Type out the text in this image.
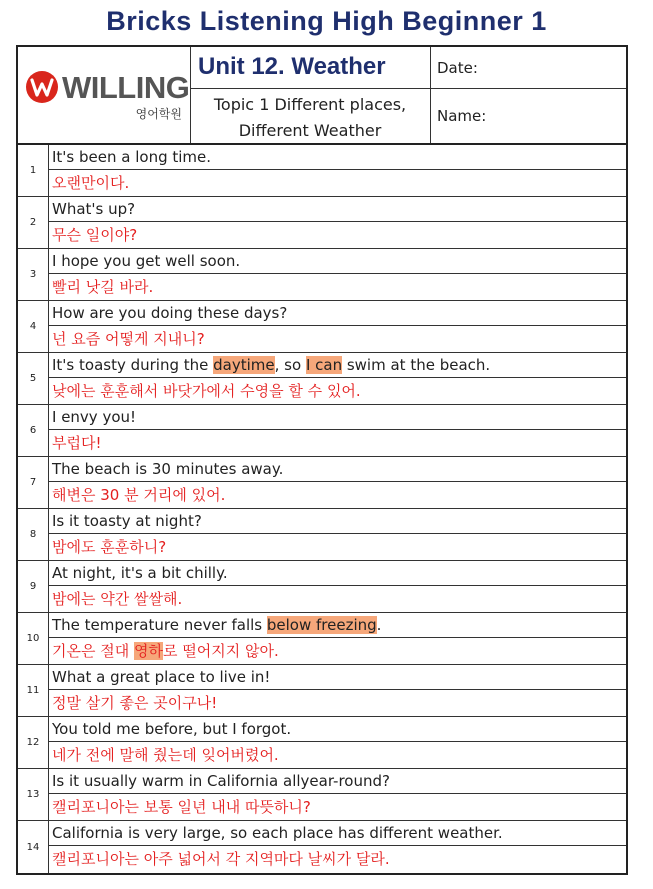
Bricks Listening High Beginner 1
WILLING
영어학원
Unit 12. Weather
Topic 1 Different places,
Different Weather
Date:
Name:
1
It's been a long time.
오랜만이다.
2
What's up?
무슨 일이야?
3
I hope you get well soon.
빨리 낫길 바라.
4
How are you doing these days?
넌 요즘 어떻게 지내니?
5
It's toasty during the daytime, so I can swim at the beach.
낮에는 훈훈해서 바닷가에서 수영을 할 수 있어.
6
I envy you!
부럽다!
7
The beach is 30 minutes away.
해변은 30 분 거리에 있어.
8
Is it toasty at night?
밤에도 훈훈하니?
9
At night, it's a bit chilly.
밤에는 약간 쌀쌀해.
10
The temperature never falls below freezing.
기온은 절대 영하로 떨어지지 않아.
11
What a great place to live in!
정말 살기 좋은 곳이구나!
12
You told me before, but I forgot.
네가 전에 말해 줬는데 잊어버렸어.
13
Is it usually warm in California allyear-round?
캘리포니아는 보통 일년 내내 따뜻하니?
14
California is very large, so each place has different weather.
캘리포니아는 아주 넓어서 각 지역마다 날씨가 달라.
